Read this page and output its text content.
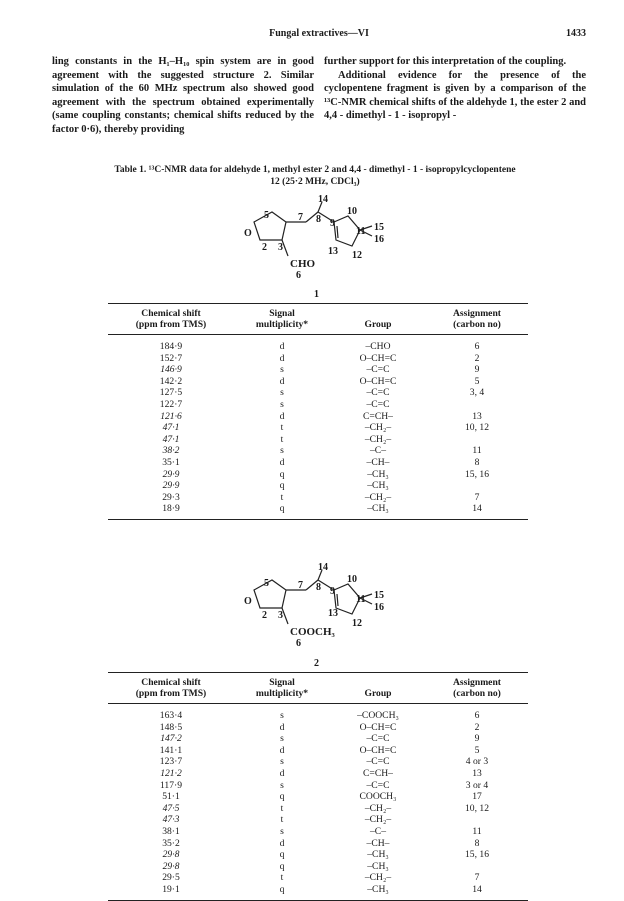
Fungal extractives—VI	1433

ling constants in the H₁–H₁₀ spin system are in good agreement with the suggested structure 2. Similar simulation of the 60 MHz spectrum also showed good agreement with the spectrum obtained experimentally (same coupling constants; chemical shifts reduced by the factor 0·6), thereby providing

further support for this interpretation of the coupling.

Additional evidence for the presence of the cyclopentene fragment is given by a comparison of the ¹³C-NMR chemical shifts of the aldehyde 1, the ester 2 and 4,4 - dimethyl - 1 - isopropyl -

Table 1. ¹³C-NMR data for aldehyde 1, methyl ester 2 and 4,4 - dimethyl - 1 - isopropylcyclopentene 12 (25·2 MHz, CDCl₃)
14
5	7 8 9
10
O	11 15
16
2 3	13 12
CHO
6
1
Chemical shift	Signal		Assignment
(ppm from TMS)	multiplicity*	Group	(carbon no)
184·9	d	–CHO	6
152·7	d	O–CH=C	2
146·9	s	–C=C	9
142·2	d	O–CH=C	5
127·5	s	–C=C	3, 4
122·7	s	–C=C	
121·6	d	C=CH–	13
47·1	t	–CH₂–	10, 12
47·1	t	–CH₂–	
38·2	s	–C–	11
35·1	d	–CH–	8
29·9	q	–CH₃	15, 16
29·9	q	–CH₃	
29·3	t	–CH₂–	7
18·9	q	–CH₃	14
14
5	7 8 9
10
O	11 15
16
13
2 3
12
COOCH₃
6
2
Chemical shift	Signal		Assignment
(ppm from TMS)	multiplicity*	Group	(carbon no)
163·4	s	–COOCH₃	6
148·5	d	O–CH=C	2
147·2	s	–C=C	9
141·1	d	O–CH=C	5
123·7	s	–C=C	4 or 3
121·2	d	C=CH–	13
117·9	s	–C=C	3 or 4
51·1	q	COOCH₃	17
47·5	t	–CH₂–	10, 12
47·3	t	–CH₂–	
38·1	s	–C–	11
35·2	d	–CH–	8
29·8	q	–CH₃	15, 16
29·8	q	–CH₃	
29·5	t	–CH₂–	7
19·1	q	–CH₃	14
